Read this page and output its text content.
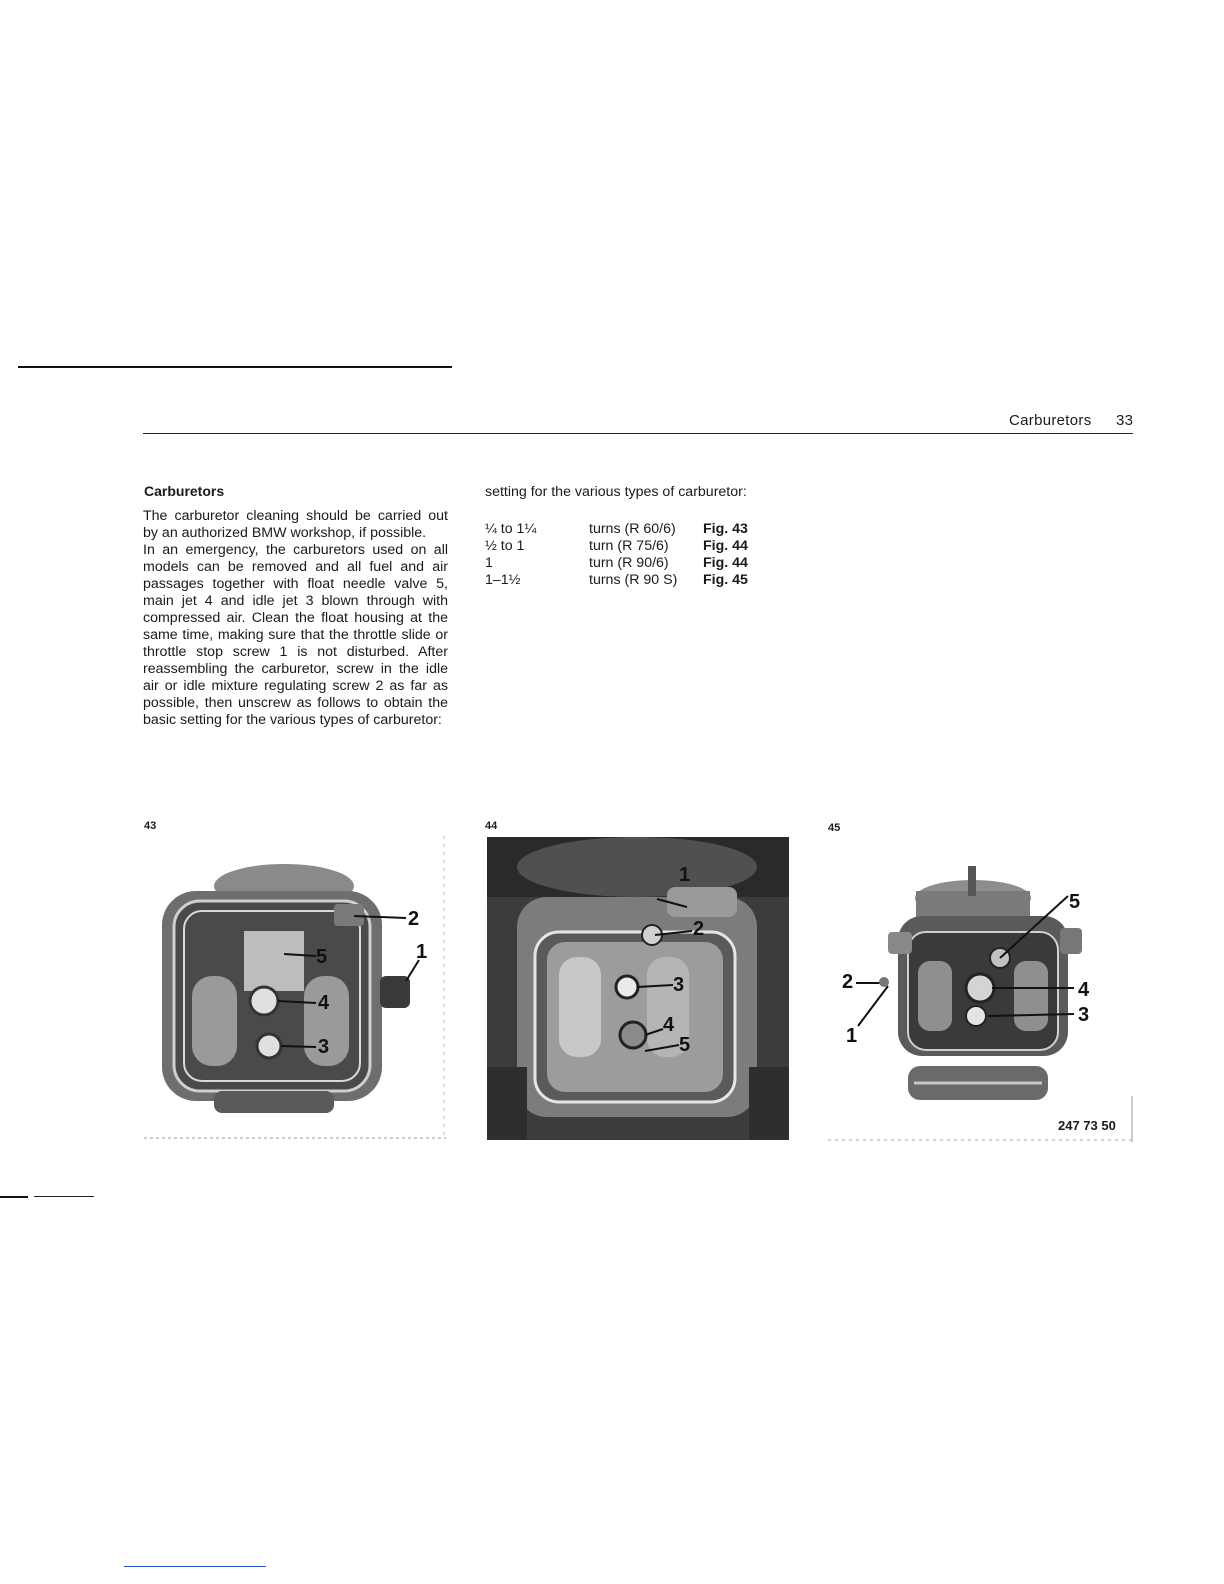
Carburetors 33
Carburetors

The carburetor cleaning should be carried out by an authorized BMW workshop, if possible.

In an emergency, the carburetors used on all models can be removed and all fuel and air passages together with float needle valve 5, main jet 4 and idle jet 3 blown through with compressed air. Clean the float housing at the same time, making sure that the throttle slide or throttle stop screw 1 is not disturbed. After reassembling the carburetor, screw in the idle air or idle mixture regulating screw 2 as far as possible, then unscrew as follows to obtain the basic setting for the various types of carburetor:

setting for the various types of carburetor:
¼ to 1¼	turns (R 60/6)	Fig. 43
½ to 1	turn (R 75/6)	Fig. 44
1	turn (R 90/6)	Fig. 44
1–1½	turns (R 90 S)	Fig. 45
43	44	45
2
1
5
4
3
1
2
3
4
5
2
1
5
4
3
247 73 50
